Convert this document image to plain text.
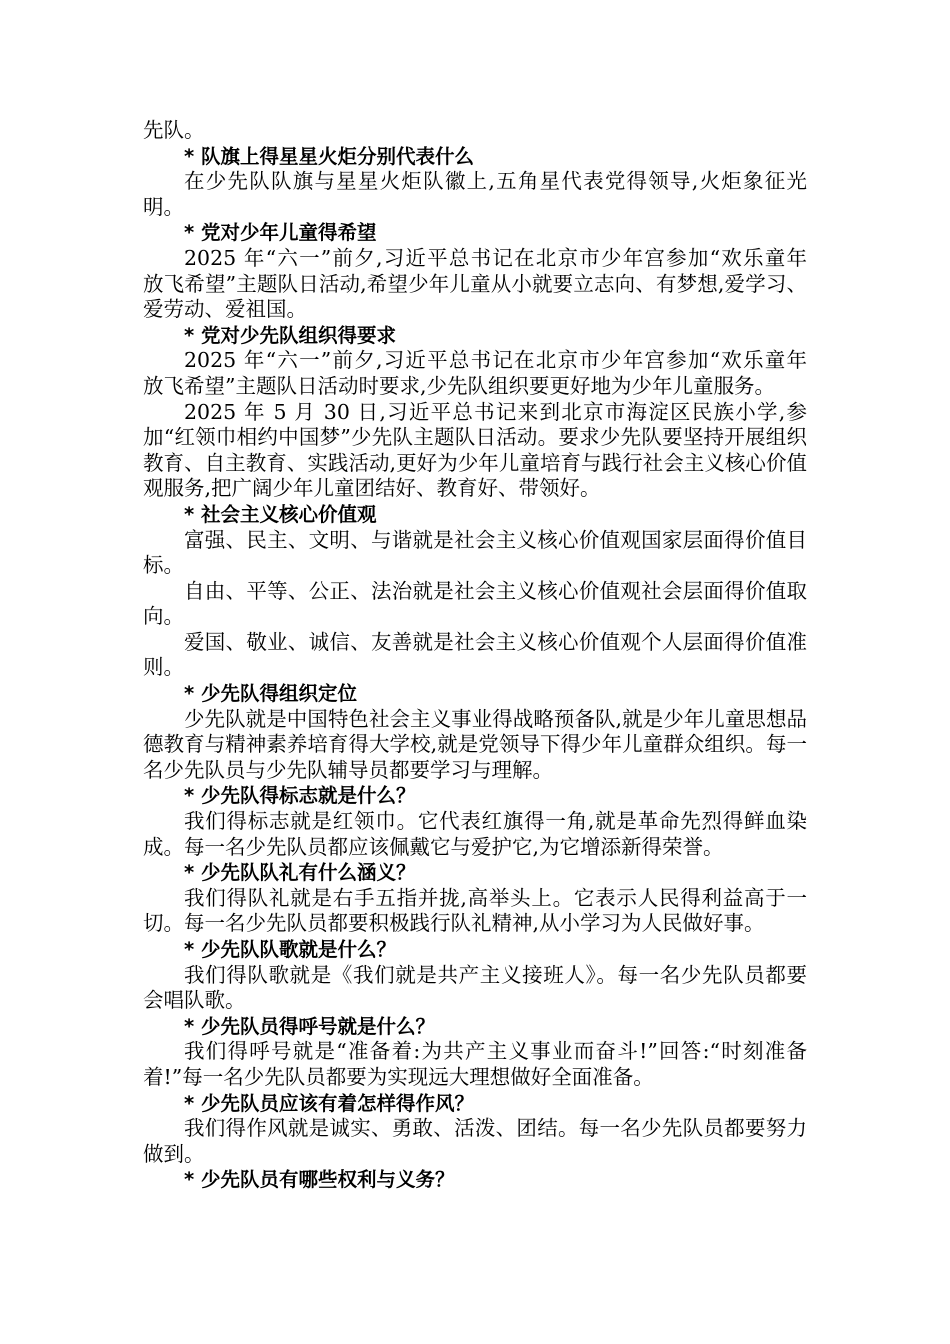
先队。

* 队旗上得星星火炬分别代表什么

在少先队队旗与星星火炬队徽上,五角星代表党得领导,火炬象征光明。

* 党对少年儿童得希望

2025 年“六一”前夕,习近平总书记在北京市少年宫参加“欢乐童年　放飞希望”主题队日活动,希望少年儿童从小就要立志向、有梦想,爱学习、爱劳动、爱祖国。

* 党对少先队组织得要求

2025 年“六一”前夕,习近平总书记在北京市少年宫参加“欢乐童年　放飞希望”主题队日活动时要求,少先队组织要更好地为少年儿童服务。

2025 年 5 月 30 日,习近平总书记来到北京市海淀区民族小学,参加“红领巾相约中国梦”少先队主题队日活动。要求少先队要坚持开展组织教育、自主教育、实践活动,更好为少年儿童培育与践行社会主义核心价值观服务,把广阔少年儿童团结好、教育好、带领好。

* 社会主义核心价值观

富强、民主、文明、与谐就是社会主义核心价值观国家层面得价值目标。

自由、平等、公正、法治就是社会主义核心价值观社会层面得价值取向。

爱国、敬业、诚信、友善就是社会主义核心价值观个人层面得价值准则。

* 少先队得组织定位

少先队就是中国特色社会主义事业得战略预备队,就是少年儿童思想品德教育与精神素养培育得大学校,就是党领导下得少年儿童群众组织。每一名少先队员与少先队辅导员都要学习与理解。

* 少先队得标志就是什么？

我们得标志就是红领巾。它代表红旗得一角,就是革命先烈得鲜血染成。每一名少先队员都应该佩戴它与爱护它,为它增添新得荣誉。

* 少先队队礼有什么涵义？

我们得队礼就是右手五指并拢,高举头上。它表示人民得利益高于一切。每一名少先队员都要积极践行队礼精神,从小学习为人民做好事。

* 少先队队歌就是什么？

我们得队歌就是《我们就是共产主义接班人》。每一名少先队员都要会唱队歌。

* 少先队员得呼号就是什么？

我们得呼号就是“准备着:为共产主义事业而奋斗!”回答:“时刻准备着!”每一名少先队员都要为实现远大理想做好全面准备。

* 少先队员应该有着怎样得作风？

我们得作风就是诚实、勇敢、活泼、团结。每一名少先队员都要努力做到。

* 少先队员有哪些权利与义务？
